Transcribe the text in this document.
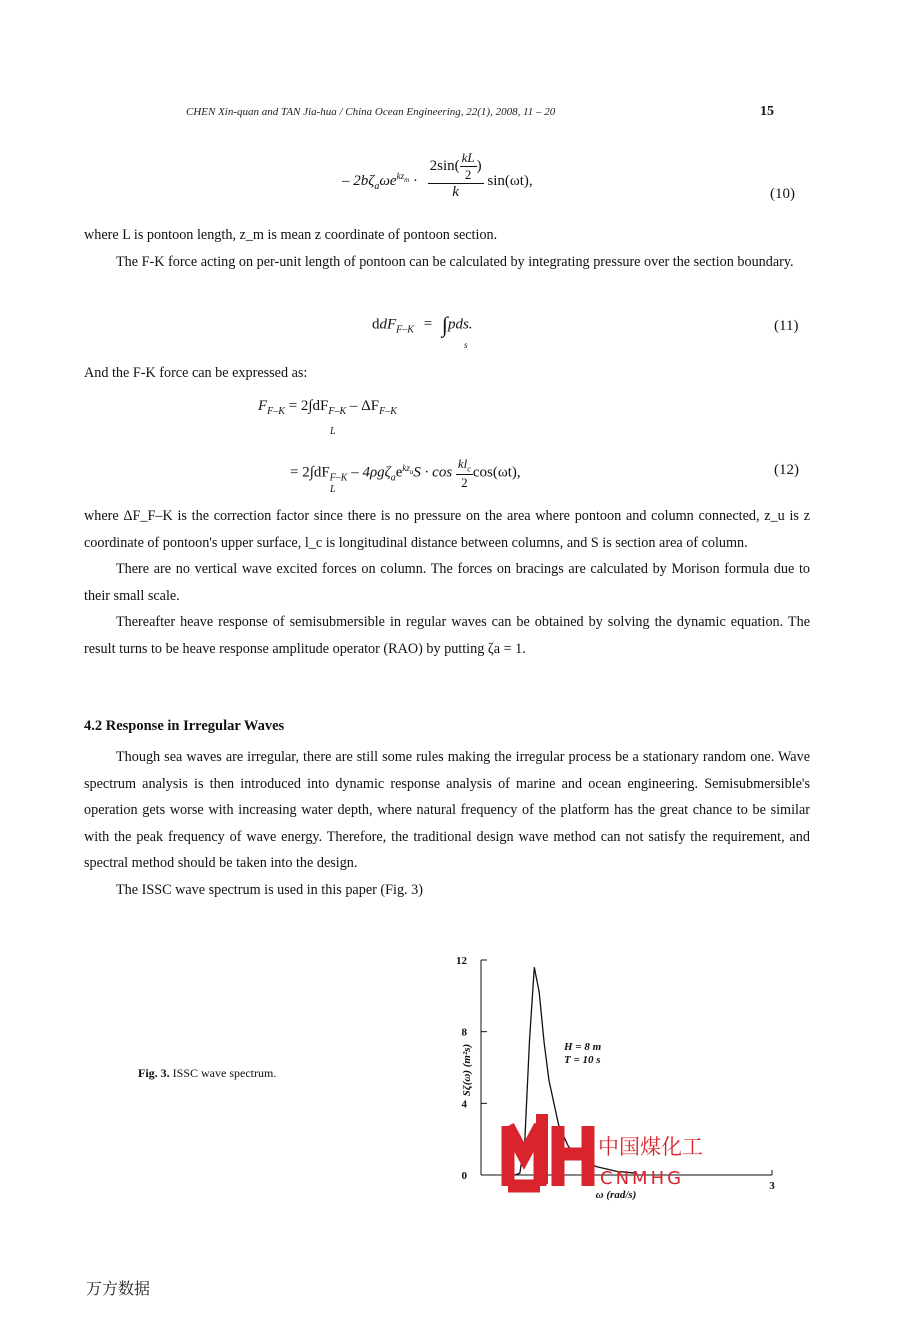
CHEN Xin-quan and TAN Jia-hua / China Ocean Engineering, 22(1), 2008, 11 – 20	15
– $2b\zeta_a\omega e^{kz_m} \cdot \frac{2\sin( \frac{kL}{2} )}{k} \sin(\omega t)$,
(10)

where L is pontoon length, z_m is mean z coordinate of pontoon section.

The F-K force acting on per-unit length of pontoon can be calculated by integrating pressure over the section boundary.

ddF$_{F-K}$ = ∫pds.
s
(11)

And the F-K force can be expressed as:

$F_{F-K} = 2\int dF_{F-K} - \Delta F_{F-K}$
L
= $2\int dF_{F-K} - 4\rho g\zeta_ae^{kz_u}S \cdot \cos \frac{kl_c}{2} \cos(\omega t)$,
L
(12)

where ΔF_F–K is the correction factor since there is no pressure on the area where pontoon and column connected, z_u is z coordinate of pontoon's upper surface, l_c is longitudinal distance between columns, and S is section area of column.

There are no vertical wave excited forces on column. The forces on bracings are calculated by Morison formula due to their small scale.

Thereafter heave response of semisubmersible in regular waves can be obtained by solving the dynamic equation. The result turns to be heave response amplitude operator (RAO) by putting ζa = 1.

4.2 Response in Irregular Waves

Though sea waves are irregular, there are still some rules making the irregular process be a stationary random one. Wave spectrum analysis is then introduced into dynamic response analysis of marine and ocean engineering. Semisubmersible's operation gets worse with increasing water depth, where natural frequency of the platform has the great chance to be similar with the peak frequency of wave energy. Therefore, the traditional design wave method can not satisfy the requirement, and spectral method should be taken into the design.

The ISSC wave spectrum is used in this paper (Fig. 3)

Fig. 3. ISSC wave spectrum.
0
4
8
12
3
Sζ(ω) (m²s)
ω (rad/s)
H = 8 m
T = 10 s
中国煤化工
CNMHG
万方数据
